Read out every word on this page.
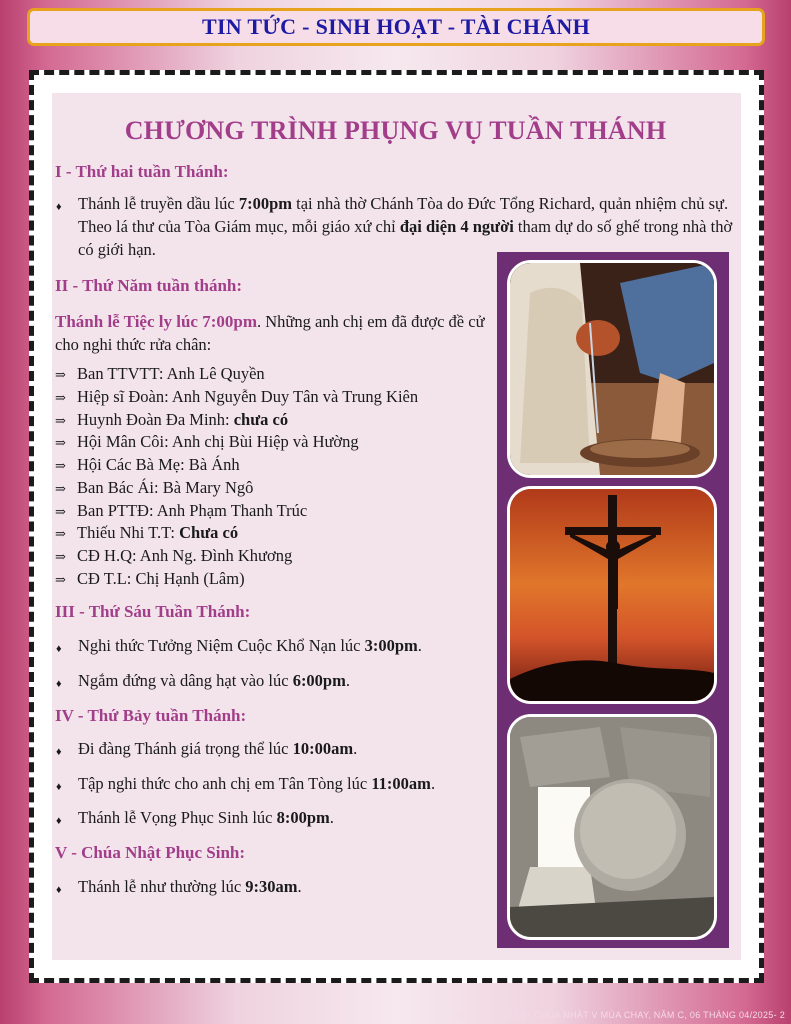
TIN TỨC - SINH HOẠT - TÀI CHÁNH
CHƯƠNG TRÌNH PHỤNG VỤ TUẦN THÁNH
I - Thứ hai tuần Thánh:
♦ Thánh lễ truyền dầu lúc 7:00pm tại nhà thờ Chánh Tòa do Đức Tổng Richard, quản nhiệm chủ sự. Theo lá thư của Tòa Giám mục, mỗi giáo xứ chỉ đại diện 4 người tham dự do số ghế trong nhà thờ có giới hạn.
II - Thứ Năm tuần thánh:
Thánh lễ Tiệc ly lúc 7:00pm. Những anh chị em đã được đề cử cho nghi thức rửa chân:
⇒ Ban TTVTT: Anh Lê Quyền
⇒ Hiệp sĩ Đoàn: Anh Nguyễn Duy Tân và Trung Kiên
⇒ Huynh Đoàn Đa Minh: chưa có
⇒ Hội Mân Côi: Anh chị Bùi Hiệp và Hường
⇒ Hội Các Bà Mẹ: Bà Ánh
⇒ Ban Bác Ái: Bà Mary Ngô
⇒ Ban PTTĐ: Anh Phạm Thanh Trúc
⇒ Thiếu Nhi T.T: Chưa có
⇒ CĐ H.Q: Anh Ng. Đình Khương
⇒ CĐ T.L: Chị Hạnh (Lâm)
III - Thứ Sáu Tuần Thánh:
♦ Nghi thức Tưởng Niệm Cuộc Khổ Nạn lúc 3:00pm.
♦ Ngắm đứng và dâng hạt vào lúc 6:00pm.
IV - Thứ Bảy tuần Thánh:
♦ Đi đàng Thánh giá trọng thể lúc 10:00am.
♦ Tập nghi thức cho anh chị em Tân Tòng lúc 11:00am.
♦ Thánh lễ Vọng Phục Sinh lúc 8:00pm.
V - Chúa Nhật Phục Sinh:
♦ Thánh lễ như thường lúc 9:30am.
BẢN TIN SỐ 19 - CHÚA NHẬT V MÙA CHAY, NĂM C, 06 THÁNG 04/2025- 2
